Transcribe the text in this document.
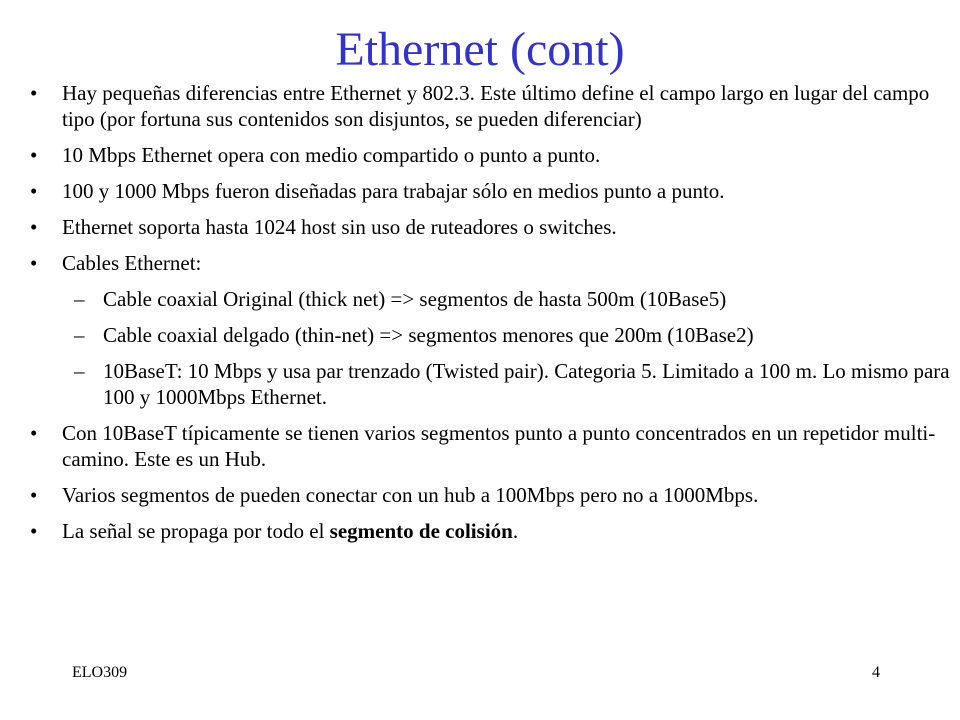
Ethernet (cont)
•	Hay pequeñas diferencias entre Ethernet y 802.3. Este último define el campo largo en lugar del campo tipo (por fortuna sus contenidos son disjuntos, se pueden diferenciar)
•	10 Mbps Ethernet opera con medio compartido o punto a punto.
•	100 y 1000 Mbps fueron diseñadas para trabajar sólo en medios punto a punto.
•	Ethernet soporta hasta 1024 host sin uso de ruteadores o switches.
•	Cables Ethernet:
– Cable coaxial Original (thick net) => segmentos de hasta 500m (10Base5)
– Cable coaxial delgado (thin-net) => segmentos menores que 200m (10Base2)
– 10BaseT: 10 Mbps y usa par trenzado (Twisted pair). Categoria 5. Limitado a 100 m. Lo mismo para 100 y 1000Mbps Ethernet.
•	Con 10BaseT típicamente se tienen varios segmentos punto a punto concentrados en un repetidor multi-camino. Este es un Hub.
•	Varios segmentos de pueden conectar con un hub a 100Mbps pero no a 1000Mbps.
•	La señal se propaga por todo el segmento de colisión.
ELO309	4
